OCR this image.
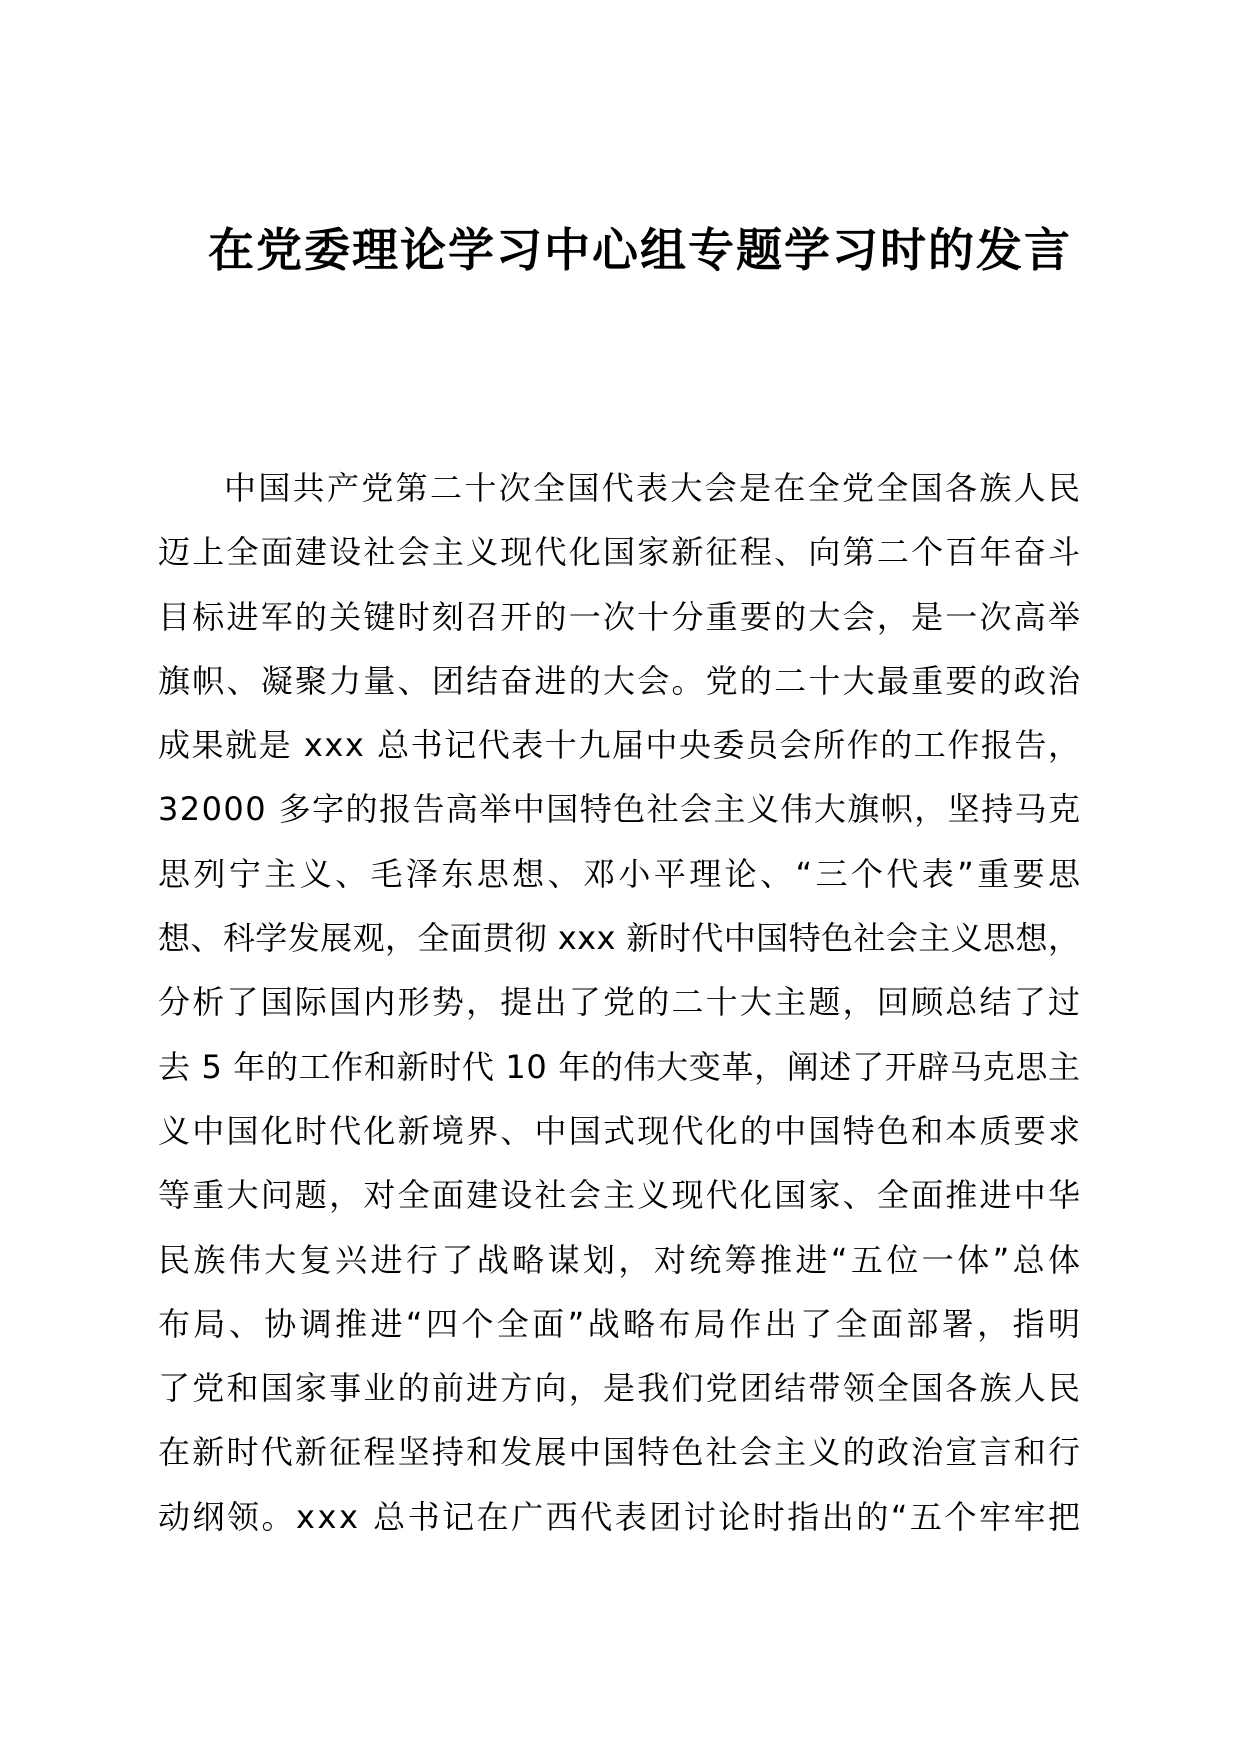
在党委理论学习中心组专题学习时的发言
中国共产党第二十次全国代表大会是在全党全国各族人民
迈上全面建设社会主义现代化国家新征程、向第二个百年奋斗
目标进军的关键时刻召开的一次十分重要的大会，是一次高举
旗帜、凝聚力量、团结奋进的大会。党的二十大最重要的政治
成果就是 xxx 总书记代表十九届中央委员会所作的工作报告，
32000 多字的报告高举中国特色社会主义伟大旗帜，坚持马克
思列宁主义、毛泽东思想、邓小平理论、“三个代表”重要思
想、科学发展观，全面贯彻 xxx 新时代中国特色社会主义思想，
分析了国际国内形势，提出了党的二十大主题，回顾总结了过
去 5 年的工作和新时代 10 年的伟大变革，阐述了开辟马克思主
义中国化时代化新境界、中国式现代化的中国特色和本质要求
等重大问题，对全面建设社会主义现代化国家、全面推进中华
民族伟大复兴进行了战略谋划，对统筹推进“五位一体”总体
布局、协调推进“四个全面”战略布局作出了全面部署，指明
了党和国家事业的前进方向，是我们党团结带领全国各族人民
在新时代新征程坚持和发展中国特色社会主义的政治宣言和行
动纲领。xxx 总书记在广西代表团讨论时指出的“五个牢牢把
